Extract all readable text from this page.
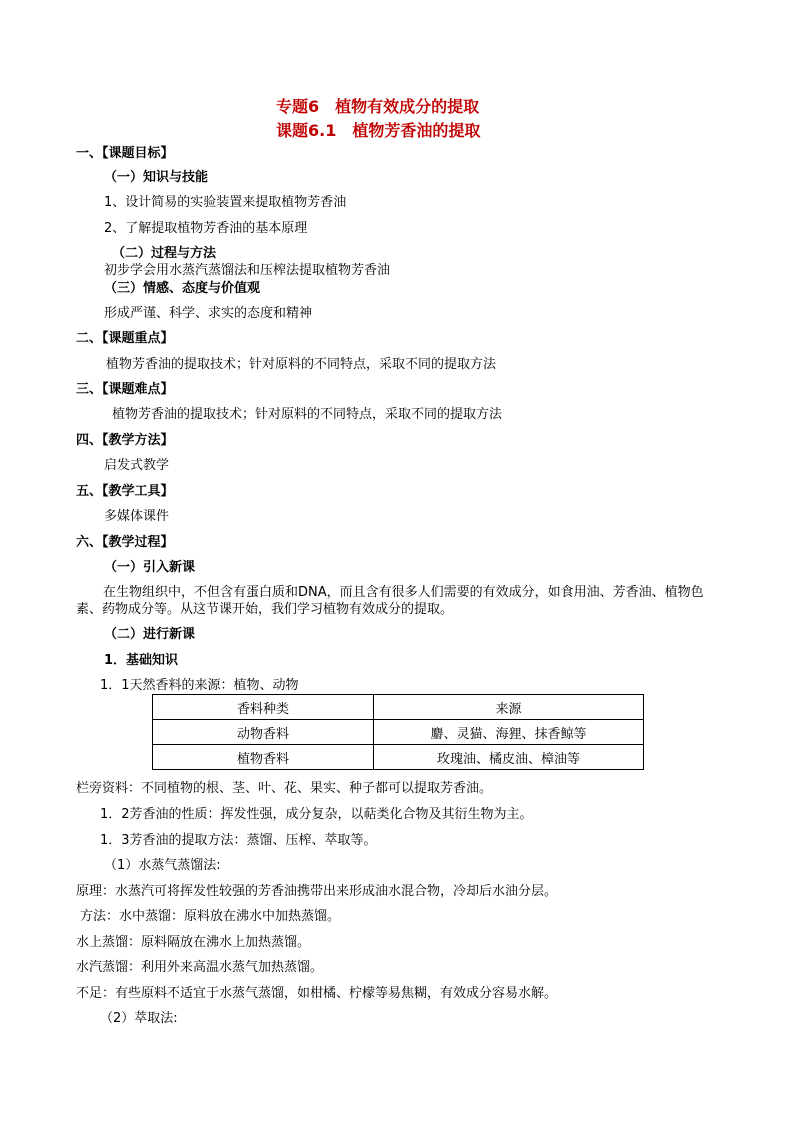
专题6　植物有效成分的提取
课题6.1　植物芳香油的提取
一、【课题目标】
（一）知识与技能
1、设计简易的实验装置来提取植物芳香油
2、了解提取植物芳香油的基本原理
（二）过程与方法
初步学会用水蒸汽蒸馏法和压榨法提取植物芳香油
（三）情感、态度与价值观
形成严谨、科学、求实的态度和精神
二、【课题重点】
植物芳香油的提取技术；针对原料的不同特点，采取不同的提取方法
三、【课题难点】
植物芳香油的提取技术；针对原料的不同特点，采取不同的提取方法
四、【教学方法】
启发式教学
五、【教学工具】
多媒体课件
六、【教学过程】
（一）引入新课
在生物组织中，不但含有蛋白质和DNA，而且含有很多人们需要的有效成分，如食用油、芳香油、植物色素、药物成分等。从这节课开始，我们学习植物有效成分的提取。
（二）进行新课
1．基础知识
1．1天然香料的来源：植物、动物
香料种类	来源
动物香料	麝、灵猫、海狸、抹香鲸等
植物香料	玫瑰油、橘皮油、樟油等
栏旁资料：不同植物的根、茎、叶、花、果实、种子都可以提取芳香油。
1．2芳香油的性质：挥发性强，成分复杂，以萜类化合物及其衍生物为主。
1．3芳香油的提取方法：蒸馏、压榨、萃取等。
（1）水蒸气蒸馏法:
原理：水蒸汽可将挥发性较强的芳香油携带出来形成油水混合物，冷却后水油分层。
方法：水中蒸馏：原料放在沸水中加热蒸馏。
水上蒸馏：原料隔放在沸水上加热蒸馏。
水汽蒸馏：利用外来高温水蒸气加热蒸馏。
不足：有些原料不适宜于水蒸气蒸馏，如柑橘、柠檬等易焦糊，有效成分容易水解。
（2）萃取法:
